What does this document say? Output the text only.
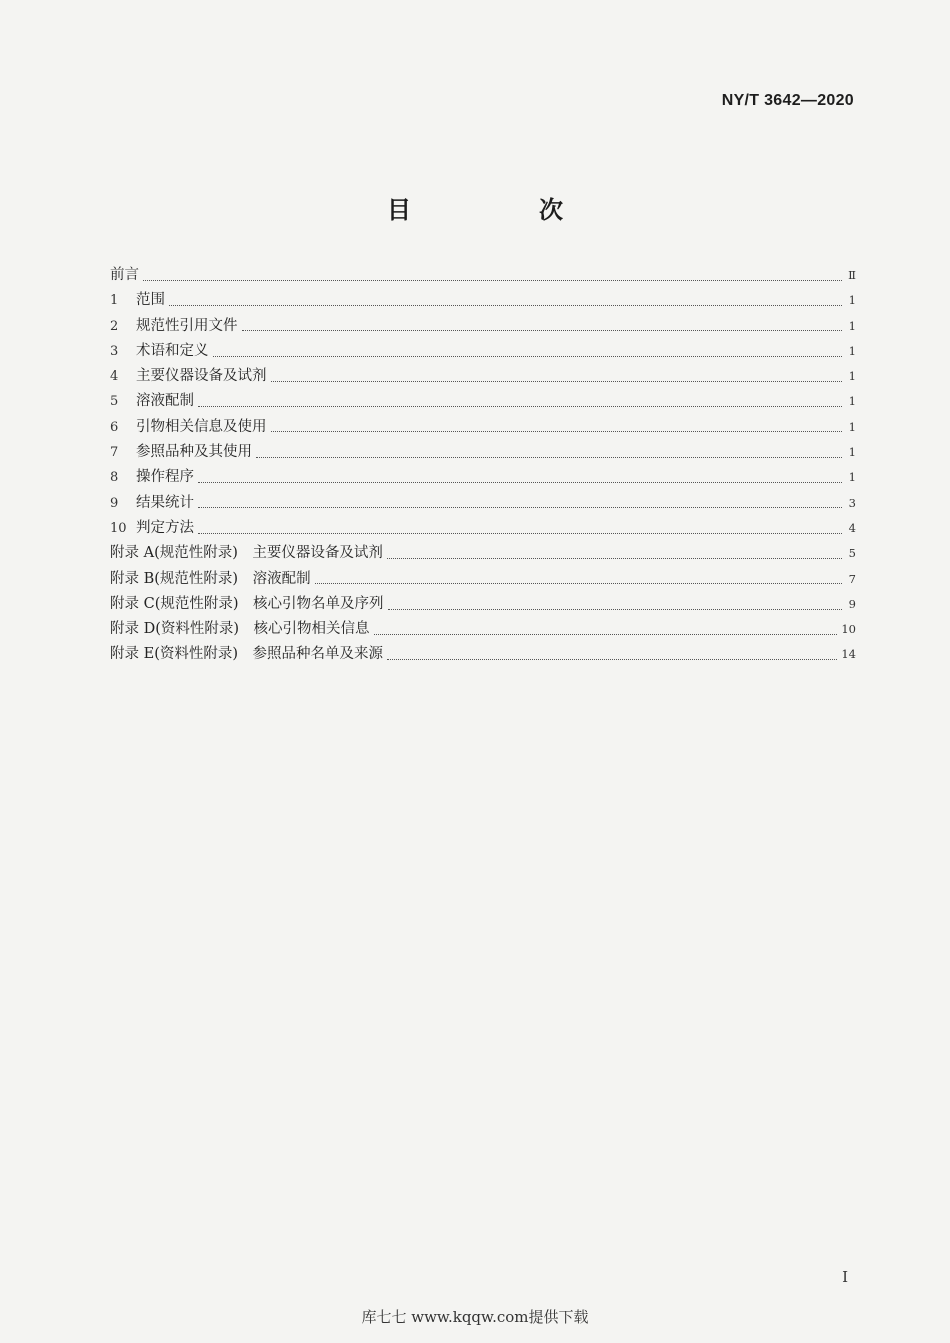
NY/T 3642—2020
目　次
前言	Ⅱ
1	范围	1
2	规范性引用文件	1
3	术语和定义	1
4	主要仪器设备及试剂	1
5	溶液配制	1
6	引物相关信息及使用	1
7	参照品种及其使用	1
8	操作程序	1
9	结果统计	3
10 判定方法	4
附录 A(规范性附录)　主要仪器设备及试剂	5
附录 B(规范性附录)　溶液配制	7
附录 C(规范性附录)　核心引物名单及序列	9
附录 D(资料性附录)　核心引物相关信息	10
附录 E(资料性附录)　参照品种名单及来源	14
I
库七七 www.kqqw.com提供下载
